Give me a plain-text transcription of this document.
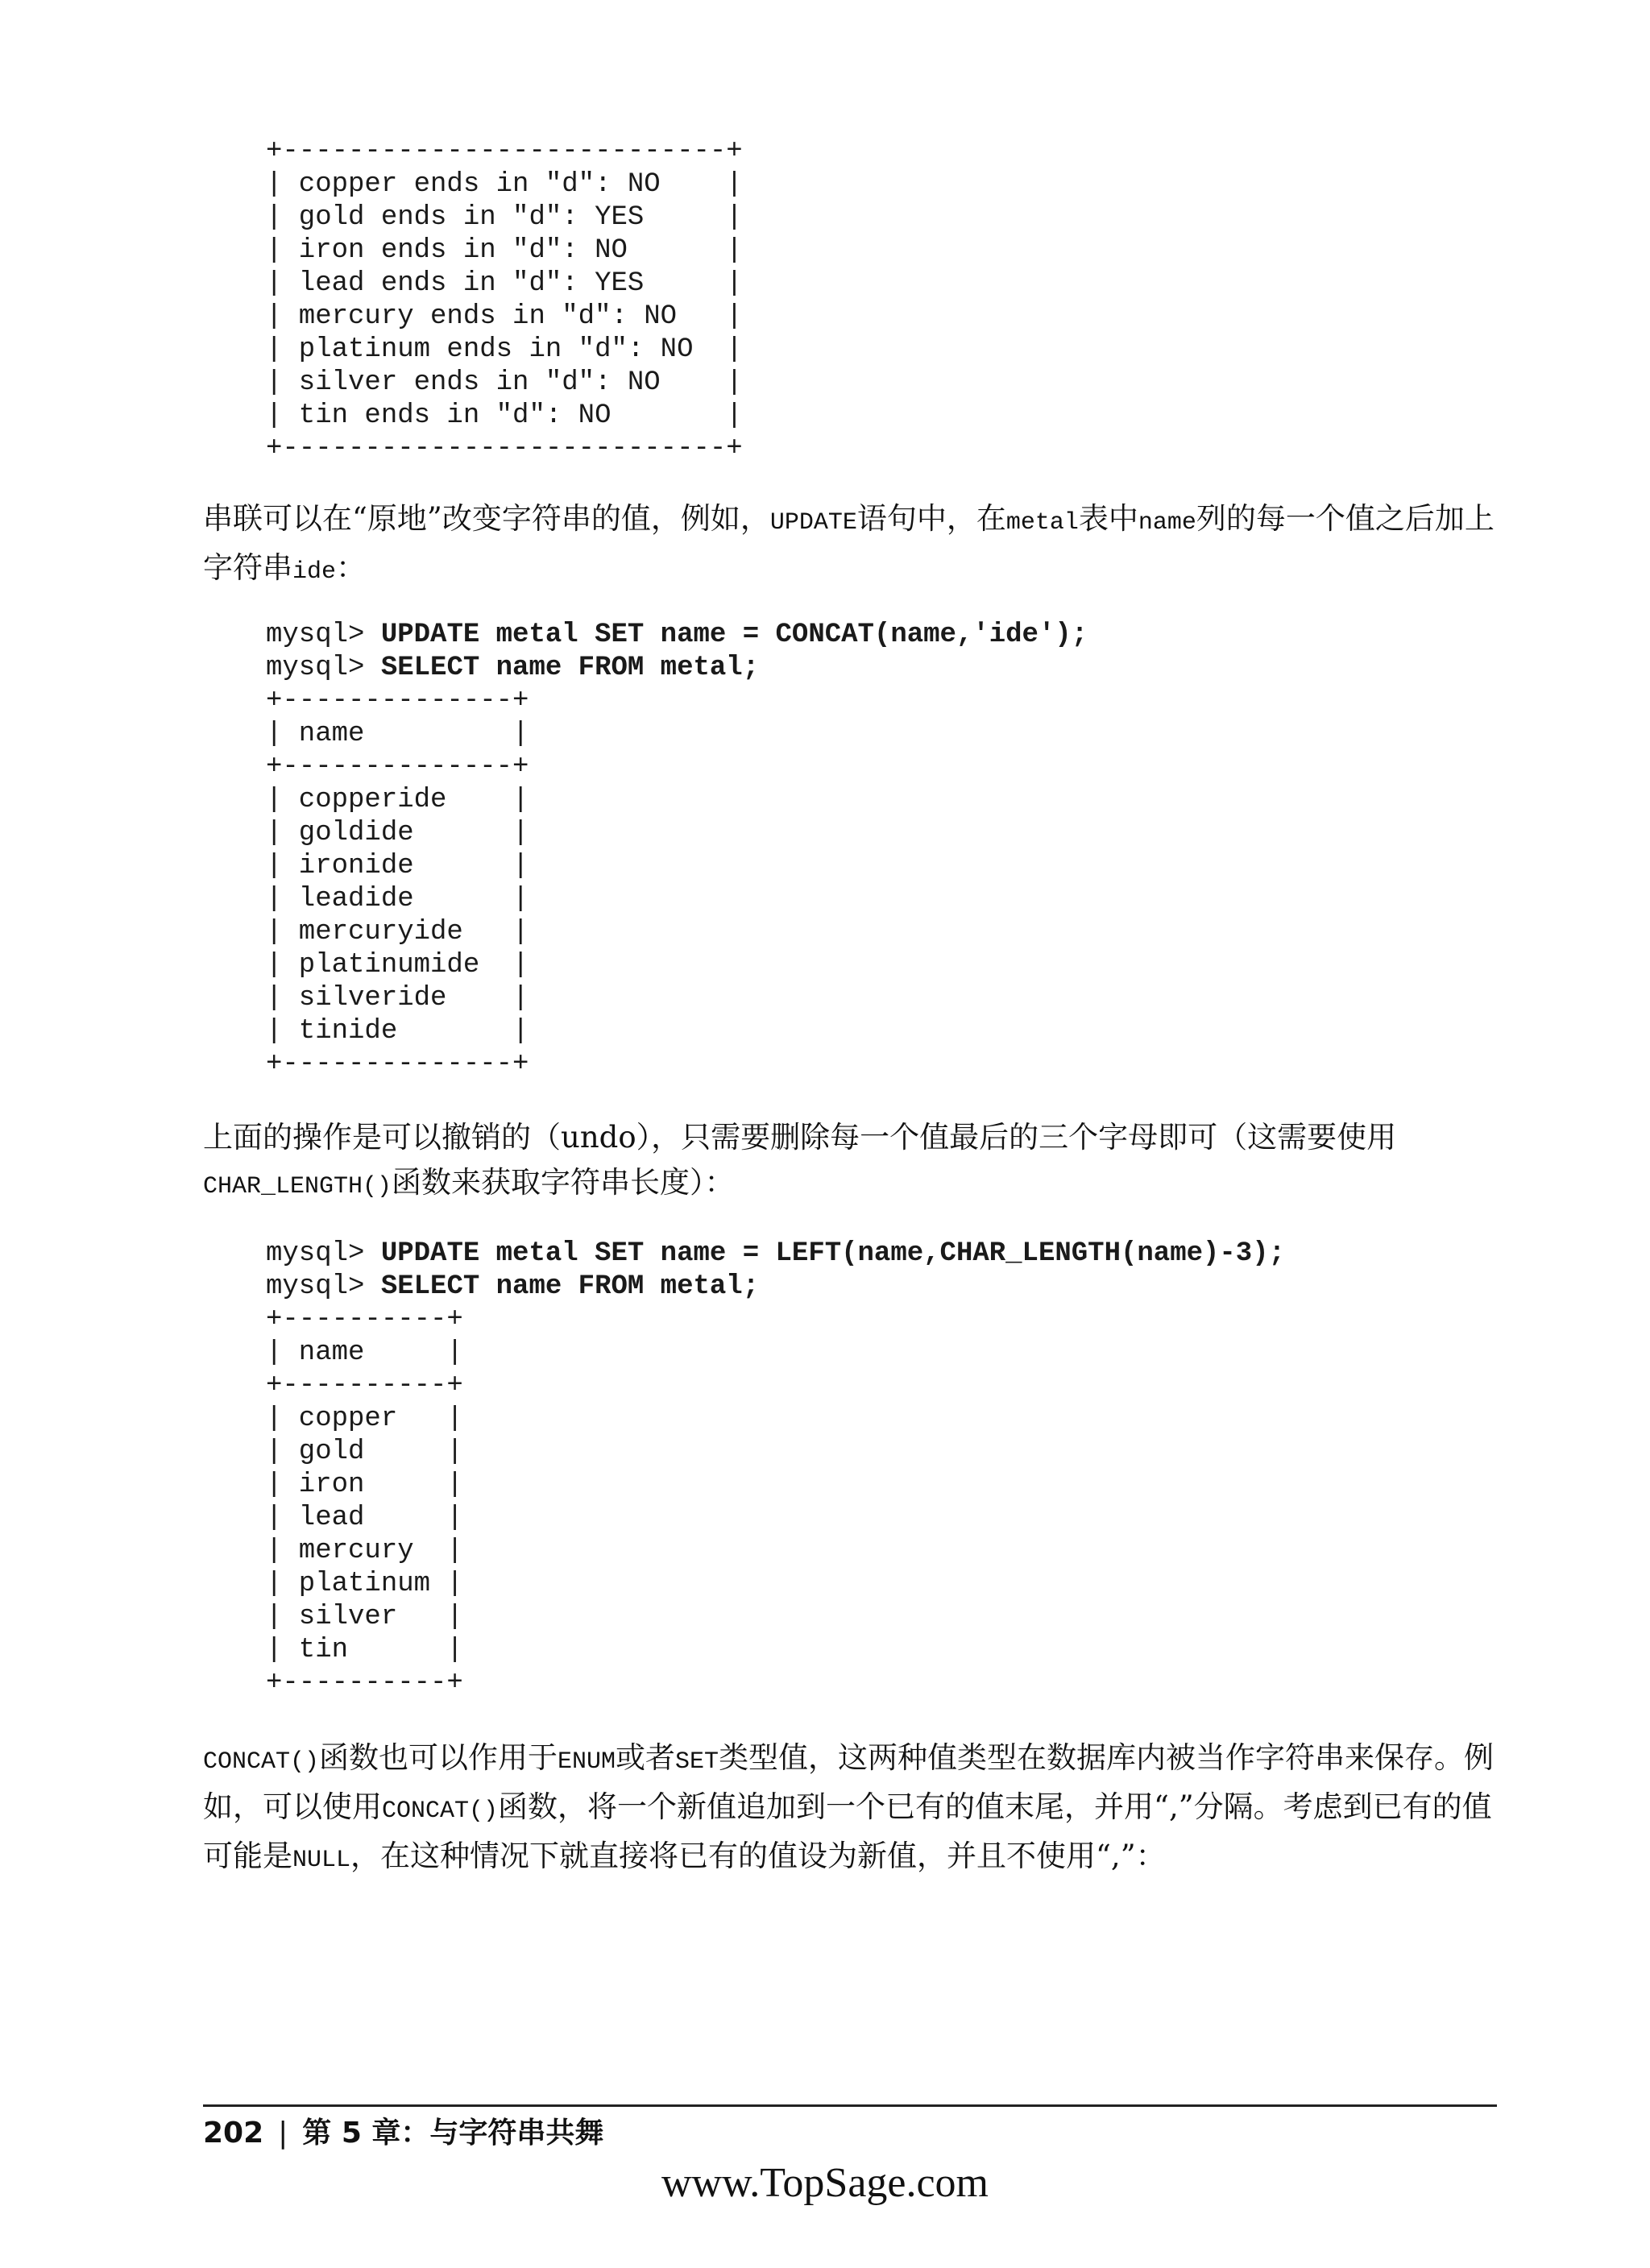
+---------------------------+
| copper ends in "d": NO    |
| gold ends in "d": YES     |
| iron ends in "d": NO      |
| lead ends in "d": YES     |
| mercury ends in "d": NO   |
| platinum ends in "d": NO  |
| silver ends in "d": NO    |
| tin ends in "d": NO       |
+---------------------------+

串联可以在“原地”改变字符串的值，例如，UPDATE语句中，在metal表中name列的每一个值之后加上字符串ide：

mysql> UPDATE metal SET name = CONCAT(name,'ide');
mysql> SELECT name FROM metal;
+--------------+
| name         |
+--------------+
| copperide    |
| goldide      |
| ironide      |
| leadide      |
| mercuryide   |
| platinumide  |
| silveride    |
| tinide       |
+--------------+

上面的操作是可以撤销的（undo），只需要删除每一个值最后的三个字母即可（这需要使用CHAR_LENGTH()函数来获取字符串长度）：

mysql> UPDATE metal SET name = LEFT(name,CHAR_LENGTH(name)-3);
mysql> SELECT name FROM metal;
+----------+
| name     |
+----------+
| copper   |
| gold     |
| iron     |
| lead     |
| mercury  |
| platinum |
| silver   |
| tin      |
+----------+

CONCAT()函数也可以作用于ENUM或者SET类型值，这两种值类型在数据库内被当作字符串来保存。例如，可以使用CONCAT()函数，将一个新值追加到一个已有的值末尾，并用“,”分隔。考虑到已有的值可能是NULL，在这种情况下就直接将已有的值设为新值，并且不使用“,”：

202 | 第 5 章：与字符串共舞
www.TopSage.com
